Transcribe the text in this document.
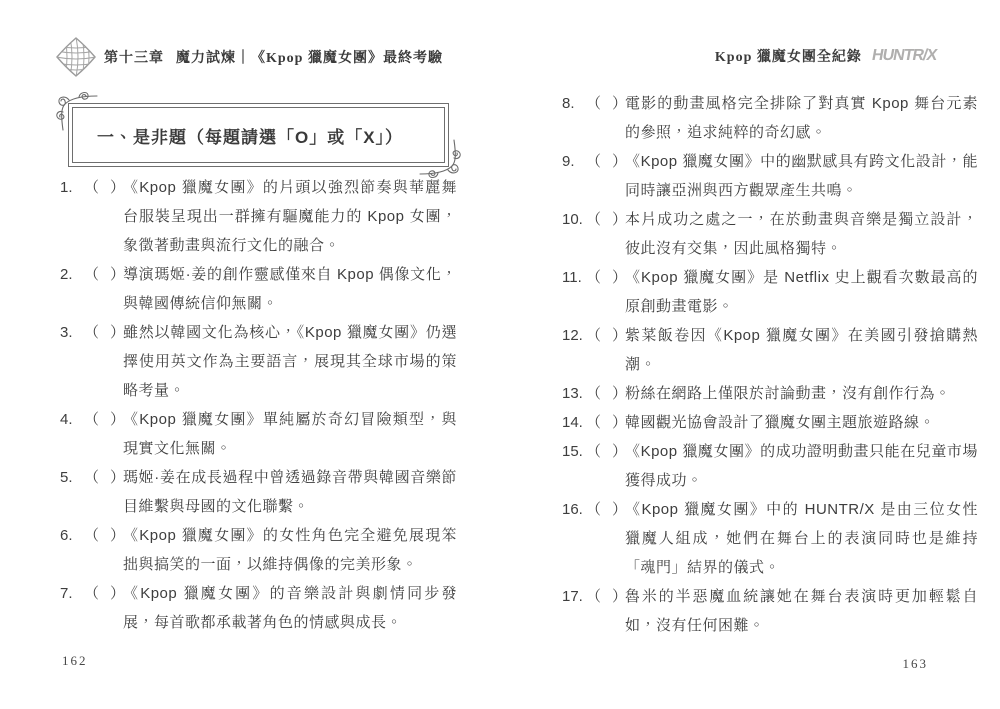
第十三章 魔力試煉｜《Kpop 獵魔女團》最終考驗	Kpop 獵魔女團全紀錄 HUNTR/X
一、是非題（每題請選「O」或「X」）
1. （　） 《Kpop 獵魔女團》的片頭以強烈節奏與華麗舞台服裝呈現出一群擁有驅魔能力的 Kpop 女團，象徵著動畫與流行文化的融合。
2. （　） 導演瑪姬·姜的創作靈感僅來自 Kpop 偶像文化，與韓國傳統信仰無關。
3. （　） 雖然以韓國文化為核心，《Kpop 獵魔女團》仍選擇使用英文作為主要語言，展現其全球市場的策略考量。
4. （　） 《Kpop 獵魔女團》單純屬於奇幻冒險類型，與現實文化無關。
5. （　） 瑪姬·姜在成長過程中曾透過錄音帶與韓國音樂節目維繫與母國的文化聯繫。
6. （　） 《Kpop 獵魔女團》的女性角色完全避免展現笨拙與搞笑的一面，以維持偶像的完美形象。
7. （　） 《Kpop 獵魔女團》的音樂設計與劇情同步發展，每首歌都承載著角色的情感與成長。
8. （　） 電影的動畫風格完全排除了對真實 Kpop 舞台元素的參照，追求純粹的奇幻感。
9. （　） 《Kpop 獵魔女團》中的幽默感具有跨文化設計，能同時讓亞洲與西方觀眾產生共鳴。
10. （　） 本片成功之處之一，在於動畫與音樂是獨立設計，彼此沒有交集，因此風格獨特。
11. （　） 《Kpop 獵魔女團》是 Netflix 史上觀看次數最高的原創動畫電影。
12. （　） 紫菜飯卷因《Kpop 獵魔女團》在美國引發搶購熱潮。
13. （　） 粉絲在網路上僅限於討論動畫，沒有創作行為。
14. （　） 韓國觀光協會設計了獵魔女團主題旅遊路線。
15. （　） 《Kpop 獵魔女團》的成功證明動畫只能在兒童市場獲得成功。
16. （　） 《Kpop 獵魔女團》中的 HUNTR/X 是由三位女性獵魔人組成，她們在舞台上的表演同時也是維持「魂門」結界的儀式。
17. （　） 魯米的半惡魔血統讓她在舞台表演時更加輕鬆自如，沒有任何困難。
162	163
